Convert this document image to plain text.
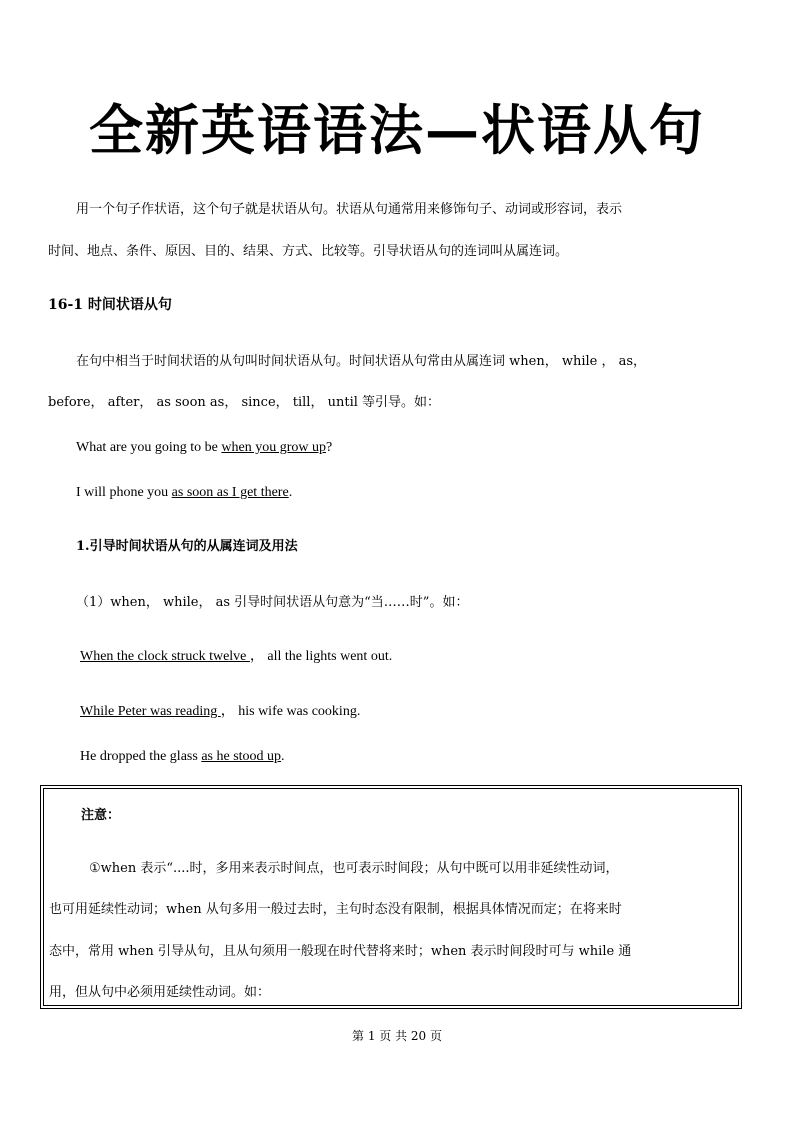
全新英语语法—状语从句
用一个句子作状语，这个句子就是状语从句。状语从句通常用来修饰句子、动词或形容词，表示
时间、地点、条件、原因、目的、结果、方式、比较等。引导状语从句的连词叫从属连词。
16-1 时间状语从句
在句中相当于时间状语的从句叫时间状语从句。时间状语从句常由从属连词 when， while ， as，
before， after， as soon as， since， till， until 等引导。如：
What are you going to be when you grow up?
I will phone you as soon as I get there.
1.引导时间状语从句的从属连词及用法
（1）when， while， as 引导时间状语从句意为“当……时”。如：
When the clock struck twelve ， all the lights went out.
While Peter was reading ， his wife was cooking.
He dropped the glass as he stood up.
注意：
①when 表示“....时，多用来表示时间点，也可表示时间段；从句中既可以用非延续性动词，
也可用延续性动词；when 从句多用一般过去时，主句时态没有限制，根据具体情况而定；在将来时
态中，常用 when 引导从句，且从句须用一般现在时代替将来时；when 表示时间段时可与 while 通
用，但从句中必须用延续性动词。如：
第 1 页 共 20 页
